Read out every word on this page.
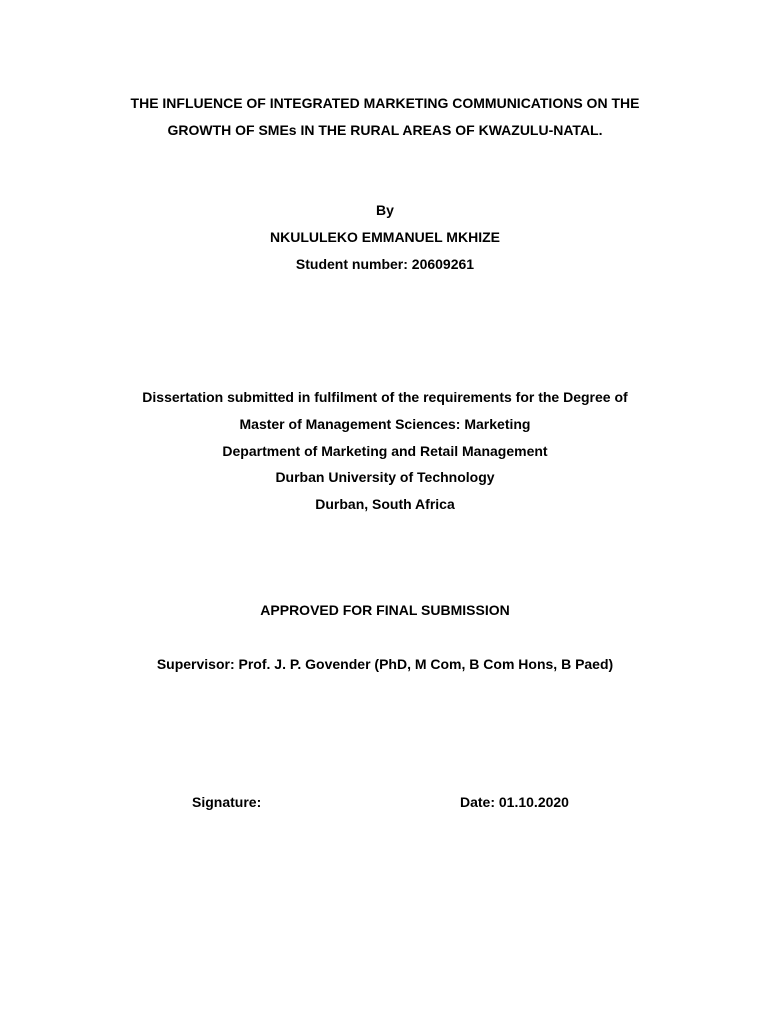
THE INFLUENCE OF INTEGRATED MARKETING COMMUNICATIONS ON THE
GROWTH OF SMEs IN THE RURAL AREAS OF KWAZULU-NATAL.
By
NKULULEKO EMMANUEL MKHIZE
Student number: 20609261
Dissertation submitted in fulfilment of the requirements for the Degree of
Master of Management Sciences: Marketing
Department of Marketing and Retail Management
Durban University of Technology
Durban, South Africa
APPROVED FOR FINAL SUBMISSION
Supervisor: Prof. J. P. Govender (PhD, M Com, B Com Hons, B Paed)
Signature:	Date: 01.10.2020
